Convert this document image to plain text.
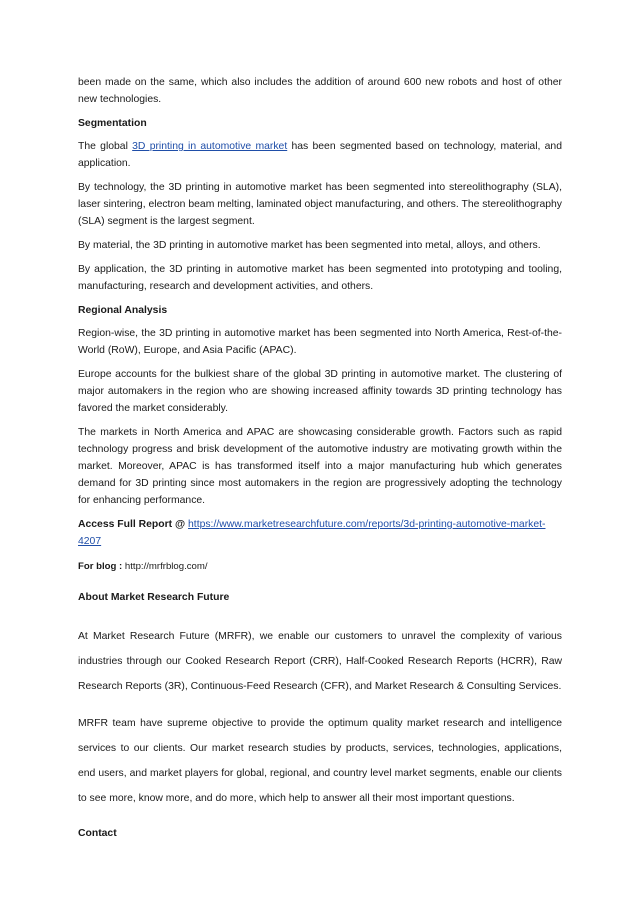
been made on the same, which also includes the addition of around 600 new robots and host of other new technologies.

Segmentation

The global 3D printing in automotive market has been segmented based on technology, material, and application.

By technology, the 3D printing in automotive market has been segmented into stereolithography (SLA), laser sintering, electron beam melting, laminated object manufacturing, and others. The stereolithography (SLA) segment is the largest segment.

By material, the 3D printing in automotive market has been segmented into metal, alloys, and others.

By application, the 3D printing in automotive market has been segmented into prototyping and tooling, manufacturing, research and development activities, and others.

Regional Analysis

Region-wise, the 3D printing in automotive market has been segmented into North America, Rest-of-the-World (RoW), Europe, and Asia Pacific (APAC).

Europe accounts for the bulkiest share of the global 3D printing in automotive market. The clustering of major automakers in the region who are showing increased affinity towards 3D printing technology has favored the market considerably.

The markets in North America and APAC are showcasing considerable growth. Factors such as rapid technology progress and brisk development of the automotive industry are motivating growth within the market. Moreover, APAC is has transformed itself into a major manufacturing hub which generates demand for 3D printing since most automakers in the region are progressively adopting the technology for enhancing performance.

Access Full Report @ https://www.marketresearchfuture.com/reports/3d-printing-automotive-market-4207

For blog : http://mrfrblog.com/

About Market Research Future

At Market Research Future (MRFR), we enable our customers to unravel the complexity of various industries through our Cooked Research Report (CRR), Half-Cooked Research Reports (HCRR), Raw Research Reports (3R), Continuous-Feed Research (CFR), and Market Research & Consulting Services.

MRFR team have supreme objective to provide the optimum quality market research and intelligence services to our clients. Our market research studies by products, services, technologies, applications, end users, and market players for global, regional, and country level market segments, enable our clients to see more, know more, and do more, which help to answer all their most important questions.

Contact
